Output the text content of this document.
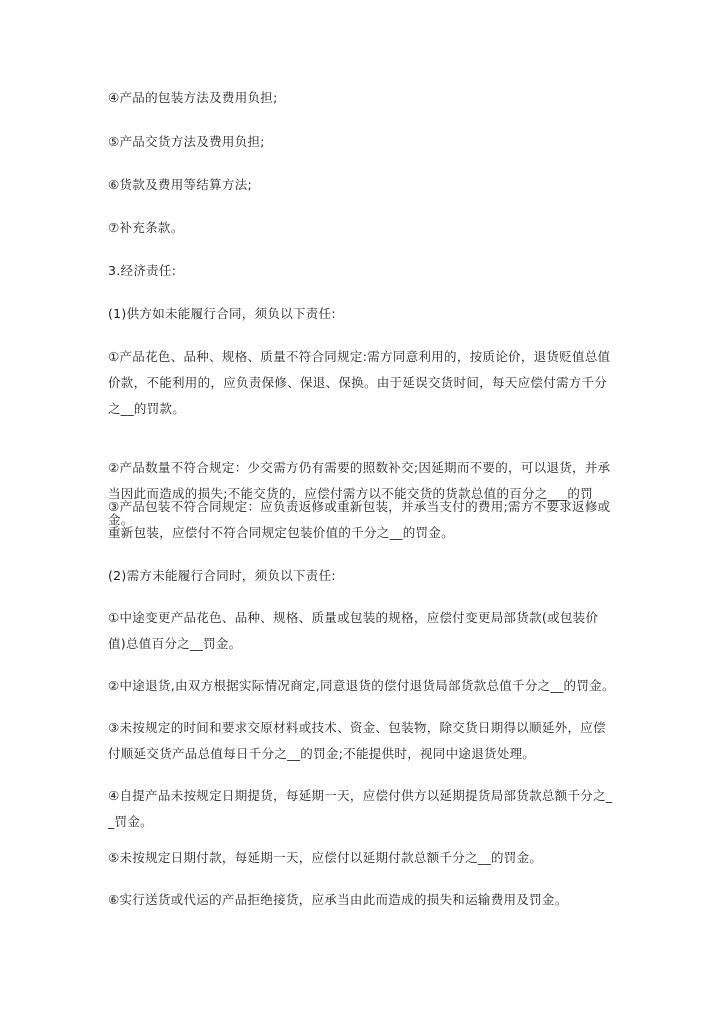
④产品的包装方法及费用负担;

⑤产品交货方法及费用负担;

⑥货款及费用等结算方法;

⑦补充条款。

3.经济责任:

(1)供方如未能履行合同，须负以下责任:

①产品花色、品种、规格、质量不符合同规定:需方同意利用的，按质论价，退货贬值总值价款，不能利用的，应负责保修、保退、保换。由于延误交货时间，每天应偿付需方千分之__的罚款。

②产品数量不符合规定：少交需方仍有需要的照数补交;因延期而不要的，可以退货，并承当因此而造成的损失;不能交货的，应偿付需方以不能交货的货款总值的百分之___的罚金。

③产品包装不符合同规定：应负责返修或重新包装，并承当支付的费用;需方不要求返修或重新包装，应偿付不符合同规定包装价值的千分之__的罚金。

(2)需方未能履行合同时，须负以下责任:

①中途变更产品花色、品种、规格、质量或包装的规格，应偿付变更局部货款(或包装价值)总值百分之__罚金。

②中途退货,由双方根据实际情况商定,同意退货的偿付退货局部货款总值千分之__的罚金。

③未按规定的时间和要求交原材料或技术、资金、包装物，除交货日期得以顺延外，应偿付顺延交货产品总值每日千分之__的罚金;不能提供时，视同中途退货处理。

④自提产品未按规定日期提货，每延期一天，应偿付供方以延期提货局部货款总额千分之__罚金。

⑤未按规定日期付款，每延期一天，应偿付以延期付款总额千分之__的罚金。

⑥实行送货或代运的产品拒绝接货，应承当由此而造成的损失和运输费用及罚金。
